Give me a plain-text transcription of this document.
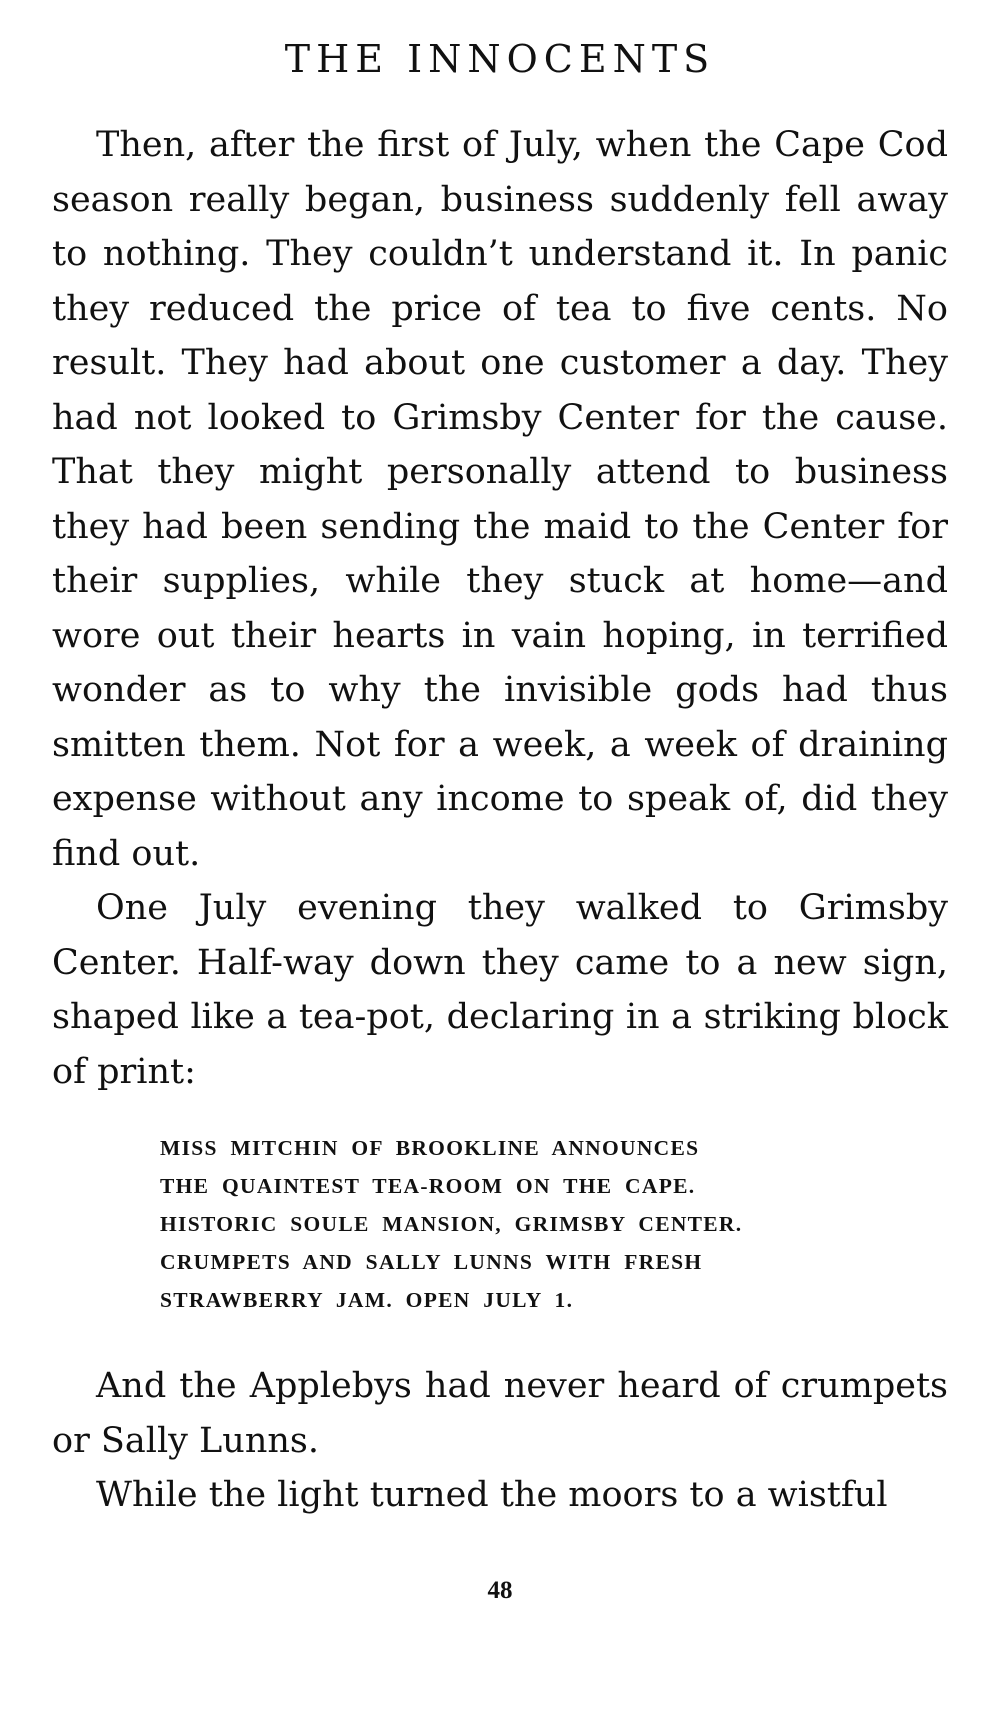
THE INNOCENTS

Then, after the first of July, when the Cape Cod season really began, business suddenly fell away to nothing. They couldn’t understand it. In panic they reduced the price of tea to five cents. No result. They had about one customer a day. They had not looked to Grimsby Center for the cause. That they might personally attend to business they had been sending the maid to the Center for their supplies, while they stuck at home—and wore out their hearts in vain hoping, in terrified wonder as to why the invisible gods had thus smitten them. Not for a week, a week of draining expense without any income to speak of, did they find out.

One July evening they walked to Grimsby Center. Half-way down they came to a new sign, shaped like a tea-pot, declaring in a striking block of print:

MISS MITCHIN OF BROOKLINE ANNOUNCES
THE QUAINTEST TEA-ROOM ON THE CAPE.
HISTORIC SOULE MANSION, GRIMSBY CENTER.
CRUMPETS AND SALLY LUNNS WITH FRESH
STRAWBERRY JAM. OPEN JULY 1.

And the Applebys had never heard of crumpets or Sally Lunns.

While the light turned the moors to a wistful

48
